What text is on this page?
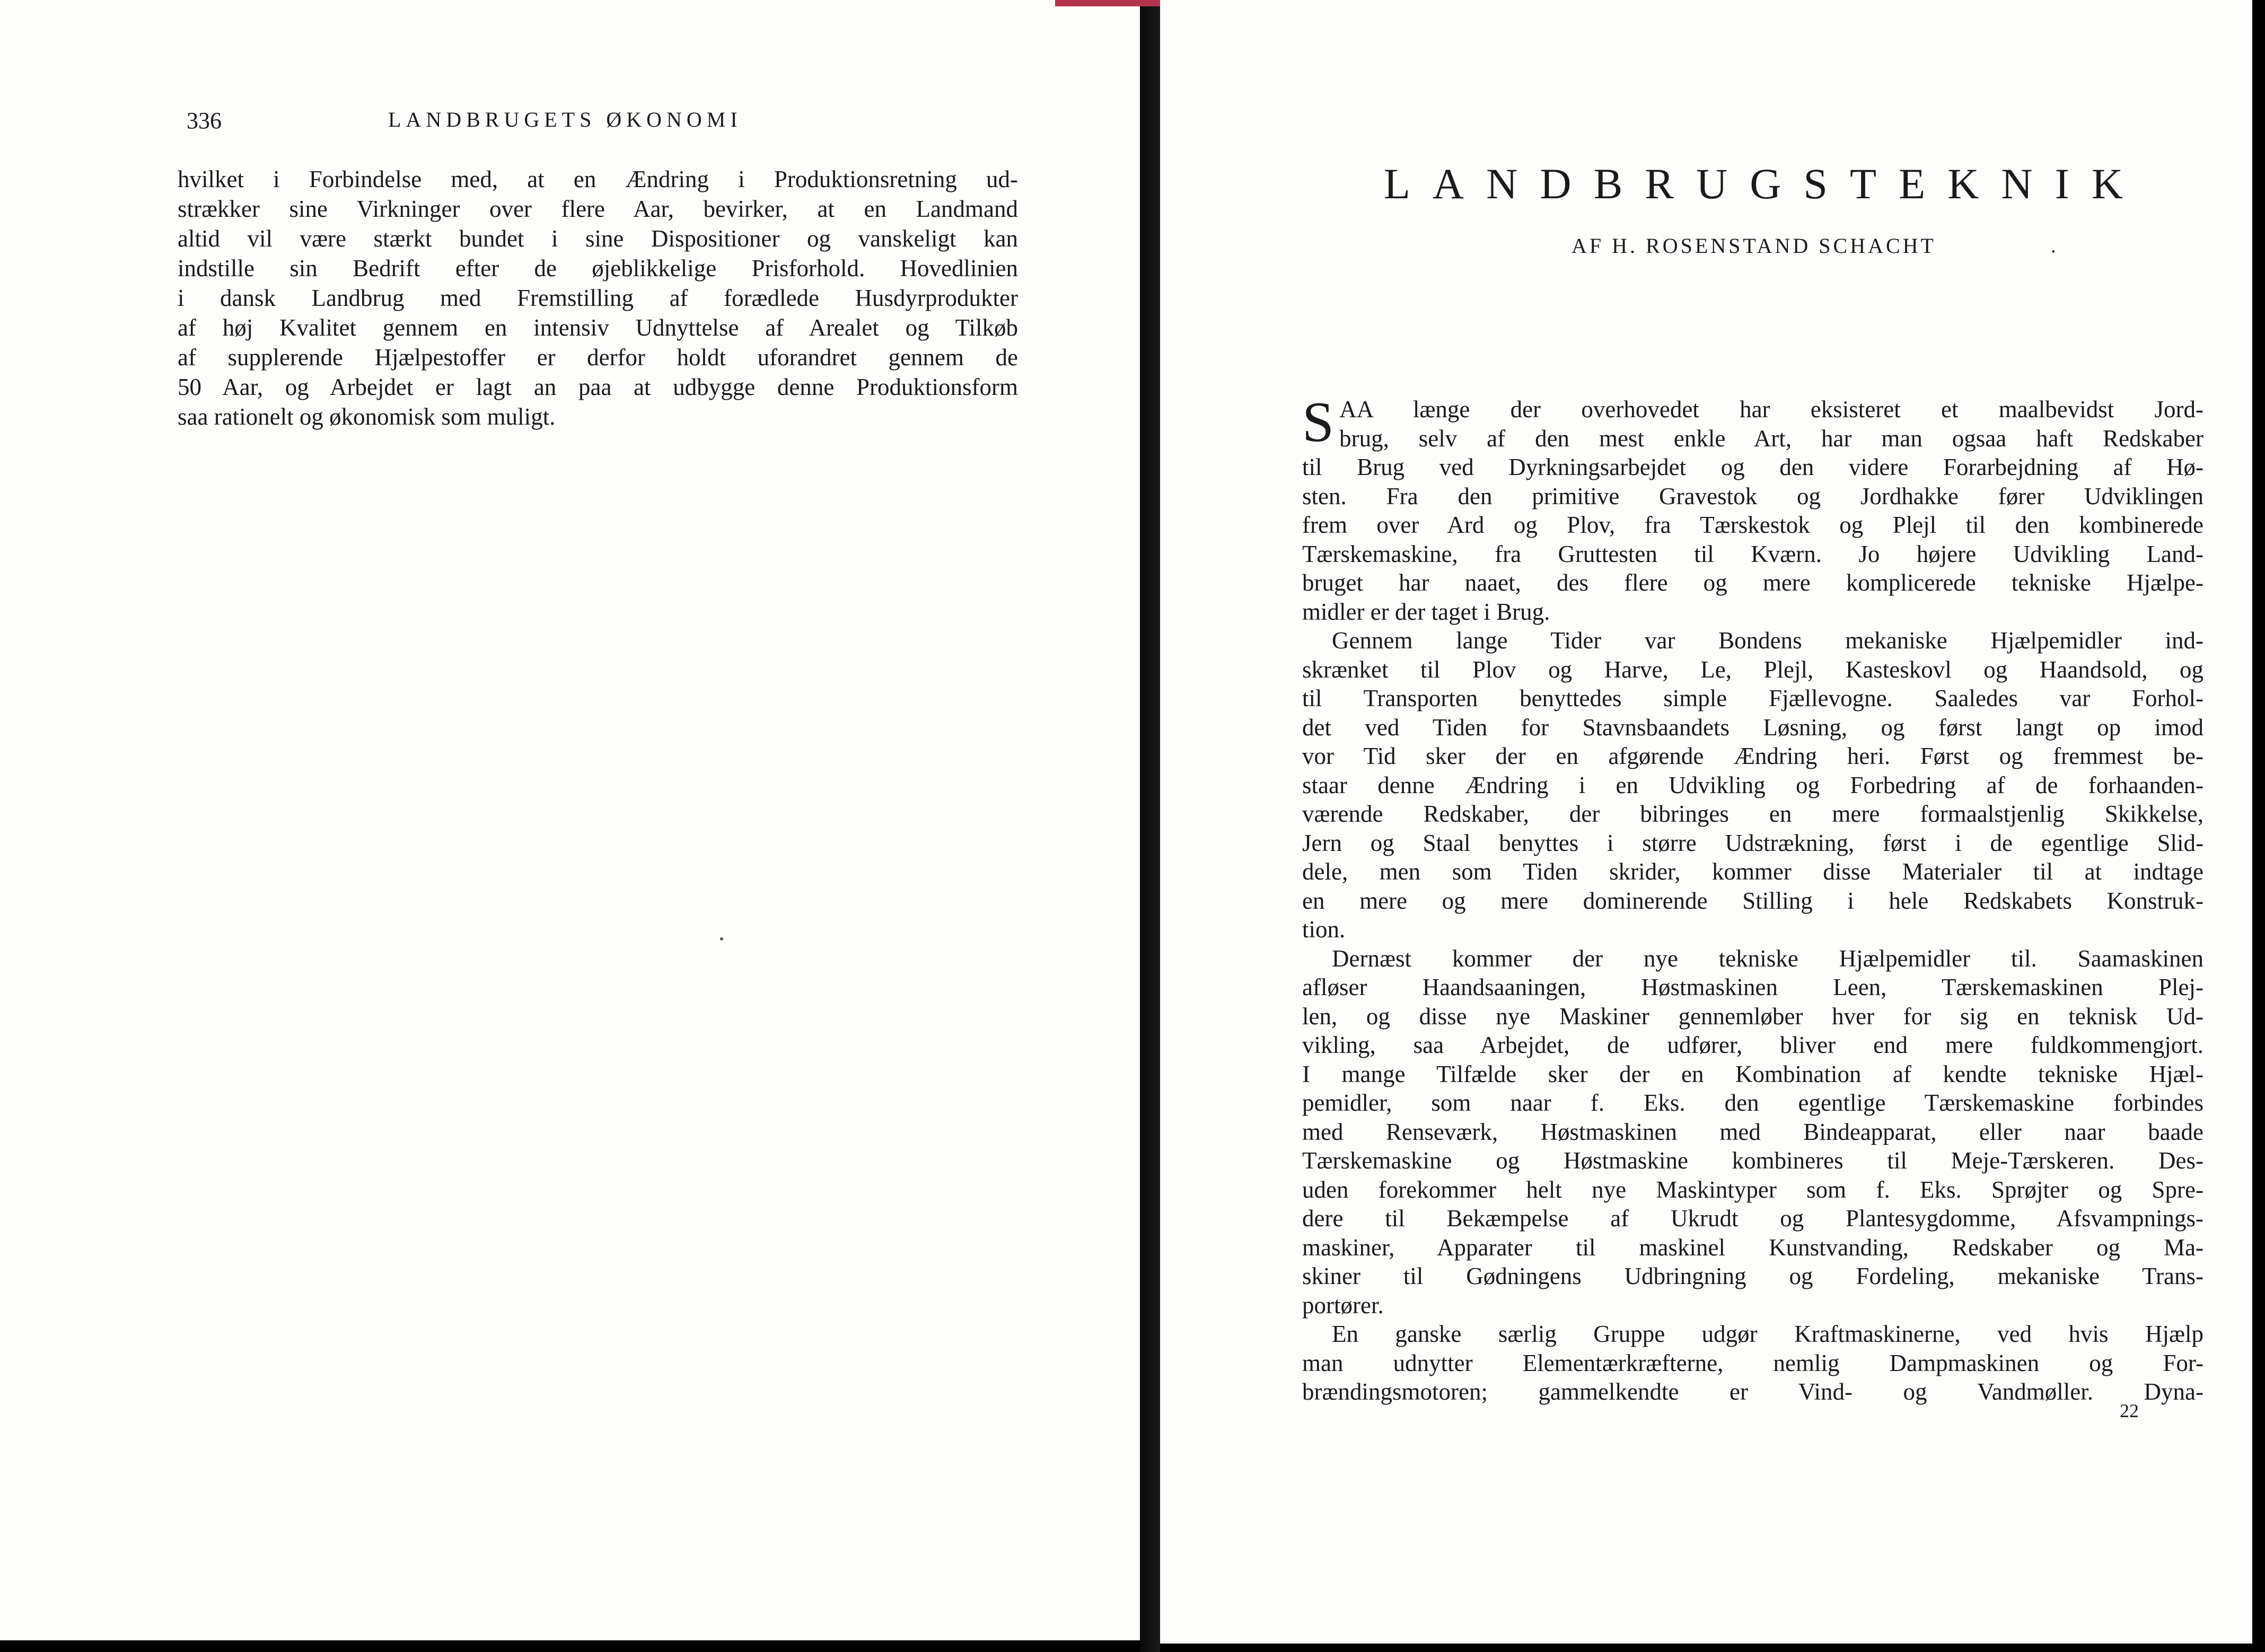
336	LANDBRUGETS ØKONOMI
hvilket i Forbindelse med, at en Ændring i Produktionsretning ud-
strækker sine Virkninger over flere Aar, bevirker, at en Landmand
altid vil være stærkt bundet i sine Dispositioner og vanskeligt kan
indstille sin Bedrift efter de øjeblikkelige Prisforhold. Hovedlinien
i dansk Landbrug med Fremstilling af forædlede Husdyrprodukter
af høj Kvalitet gennem en intensiv Udnyttelse af Arealet og Tilkøb
af supplerende Hjælpestoffer er derfor holdt uforandret gennem de
50 Aar, og Arbejdet er lagt an paa at udbygge denne Produktionsform
saa rationelt og økonomisk som muligt.
LANDBRUGSTEKNIK
AF H. ROSENSTAND SCHACHT	.
S AA længe der overhovedet har eksisteret et maalbevidst Jord-
brug, selv af den mest enkle Art, har man ogsaa haft Redskaber
til Brug ved Dyrkningsarbejdet og den videre Forarbejdning af Hø-
sten. Fra den primitive Gravestok og Jordhakke fører Udviklingen
frem over Ard og Plov, fra Tærskestok og Plejl til den kombinerede
Tærskemaskine, fra Gruttesten til Kværn. Jo højere Udvikling Land-
bruget har naaet, des flere og mere komplicerede tekniske Hjælpe-
midler er der taget i Brug.
Gennem lange Tider var Bondens mekaniske Hjælpemidler ind-
skrænket til Plov og Harve, Le, Plejl, Kasteskovl og Haandsold, og
til Transporten benyttedes simple Fjællevogne. Saaledes var Forhol-
det ved Tiden for Stavnsbaandets Løsning, og først langt op imod
vor Tid sker der en afgørende Ændring heri. Først og fremmest be-
staar denne Ændring i en Udvikling og Forbedring af de forhaanden-
værende Redskaber, der bibringes en mere formaalstjenlig Skikkelse,
Jern og Staal benyttes i større Udstrækning, først i de egentlige Slid-
dele, men som Tiden skrider, kommer disse Materialer til at indtage
en mere og mere dominerende Stilling i hele Redskabets Konstruk-
tion.
Dernæst kommer der nye tekniske Hjælpemidler til. Saamaskinen
afløser Haandsaaningen, Høstmaskinen Leen, Tærskemaskinen Plej-
len, og disse nye Maskiner gennemløber hver for sig en teknisk Ud-
vikling, saa Arbejdet, de udfører, bliver end mere fuldkommengjort.
I mange Tilfælde sker der en Kombination af kendte tekniske Hjæl-
pemidler, som naar f. Eks. den egentlige Tærskemaskine forbindes
med Renseværk, Høstmaskinen med Bindeapparat, eller naar baade
Tærskemaskine og Høstmaskine kombineres til Meje-Tærskeren. Des-
uden forekommer helt nye Maskintyper som f. Eks. Sprøjter og Spre-
dere til Bekæmpelse af Ukrudt og Plantesygdomme, Afsvampnings-
maskiner, Apparater til maskinel Kunstvanding, Redskaber og Ma-
skiner til Gødningens Udbringning og Fordeling, mekaniske Trans-
portører.
En ganske særlig Gruppe udgør Kraftmaskinerne, ved hvis Hjælp
man udnytter Elementærkræfterne, nemlig Dampmaskinen og For-
brændingsmotoren; gammelkendte er Vind- og Vandmøller. Dyna-
22
